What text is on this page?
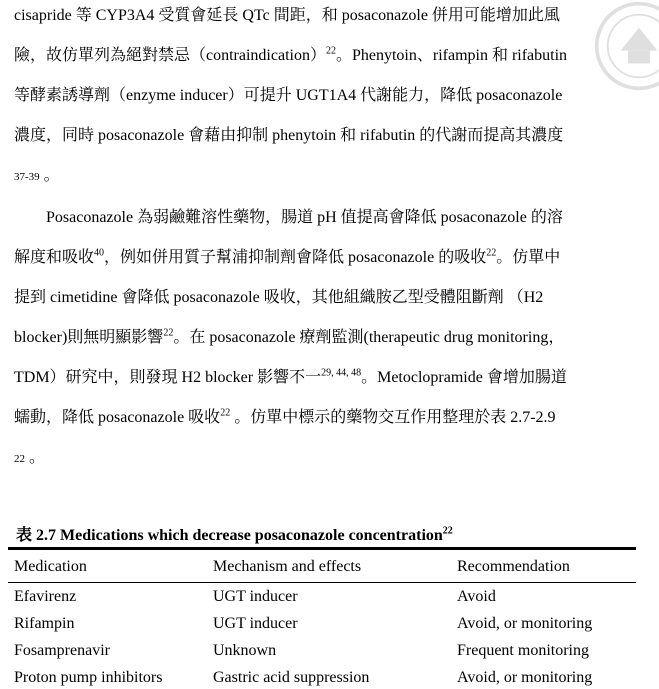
cisapride 等 CYP3A4 受質會延長 QTc 間距，和 posaconazole 併用可能增加此風
險，故仿單列為絕對禁忌（contraindication）$^{22}$。Phenytoin、rifampin 和 rifabutin
等酵素誘導劑（enzyme inducer）可提升 UGT1A4 代謝能力，降低 posaconazole
濃度，同時 posaconazole 會藉由抑制 phenytoin 和 rifabutin 的代謝而提高其濃度
37-39 。
Posaconazole 為弱鹼難溶性藥物，腸道 pH 值提高會降低 posaconazole 的溶
解度和吸收$^{40}$，例如併用質子幫浦抑制劑會降低 posaconazole 的吸收$^{22}$。仿單中
提到 cimetidine 會降低 posaconazole 吸收，其他組織胺乙型受體阻斷劑 （H2
blocker)則無明顯影響$^{22}$。在 posaconazole 療劑監測(therapeutic drug monitoring，
TDM）研究中，則發現 H2 blocker 影響不一$^{29, 44, 48}$。Metoclopramide 會增加腸道
蠕動，降低 posaconazole 吸收$^{22}$ 。仿單中標示的藥物交互作用整理於表 2.7-2.9
22 。
表 2.7 Medications which decrease posaconazole concentration$^{22}$
Medication	Mechanism and effects	Recommendation
Efavirenz	UGT inducer	Avoid
Rifampin	UGT inducer	Avoid, or monitoring
Fosamprenavir	Unknown	Frequent monitoring
Proton pump inhibitors	Gastric acid suppression	Avoid, or monitoring
